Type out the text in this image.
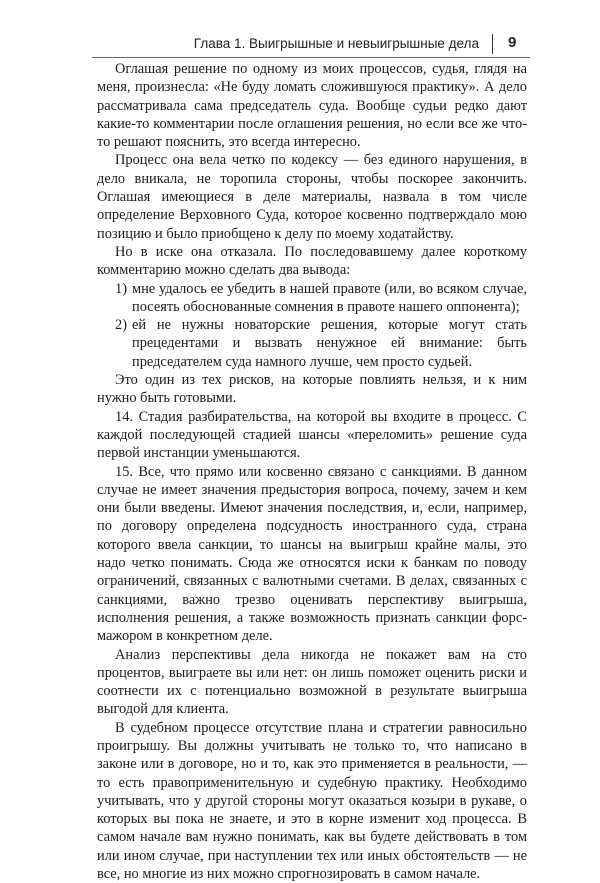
Глава 1. Выигрышные и невыигрышные дела 9

Оглашая решение по одному из моих процессов, судья, глядя на меня, произнесла: «Не буду ломать сложившуюся практику». А дело рассматривала сама председатель суда. Вообще судьи редко дают какие-то комментарии после оглашения решения, но если все же что-то решают пояснить, это всегда интересно.

Процесс она вела четко по кодексу — без единого нарушения, в дело вникала, не торопила стороны, чтобы поскорее закончить. Оглашая имеющиеся в деле материалы, назвала в том числе определение Верховного Суда, которое косвенно подтверждало мою позицию и было приобщено к делу по моему ходатайству.

Но в иске она отказала. По последовавшему далее короткому комментарию можно сделать два вывода:

1) мне удалось ее убедить в нашей правоте (или, во всяком случае, посеять обоснованные сомнения в правоте нашего оппонента);
2) ей не нужны новаторские решения, которые могут стать прецедентами и вызвать ненужное ей внимание: быть председателем суда намного лучше, чем просто судьей.

Это один из тех рисков, на которые повлиять нельзя, и к ним нужно быть готовыми.

14. Стадия разбирательства, на которой вы входите в процесс. С каждой последующей стадией шансы «переломить» решение суда первой инстанции уменьшаются.

15. Все, что прямо или косвенно связано с санкциями. В данном случае не имеет значения предыстория вопроса, почему, зачем и кем они были введены. Имеют значения последствия, и, если, например, по договору определена подсудность иностранного суда, страна которого ввела санкции, то шансы на выигрыш крайне малы, это надо четко понимать. Сюда же относятся иски к банкам по поводу ограничений, связанных с валютными счетами. В делах, связанных с санкциями, важно трезво оценивать перспективу выигрыша, исполнения решения, а также возможность признать санкции форс-мажором в конкретном деле.

Анализ перспективы дела никогда не покажет вам на сто процентов, выиграете вы или нет: он лишь поможет оценить риски и соотнести их с потенциально возможной в результате выигрыша выгодой для клиента.

В судебном процессе отсутствие плана и стратегии равносильно проигрышу. Вы должны учитывать не только то, что написано в законе или в договоре, но и то, как это применяется в реальности, — то есть правоприменительную и судебную практику. Необходимо учитывать, что у другой стороны могут оказаться козыри в рукаве, о которых вы пока не знаете, и это в корне изменит ход процесса. В самом начале вам нужно понимать, как вы будете действовать в том или ином случае, при наступлении тех или иных обстоятельств — не все, но многие из них можно спрогнозировать в самом начале.
